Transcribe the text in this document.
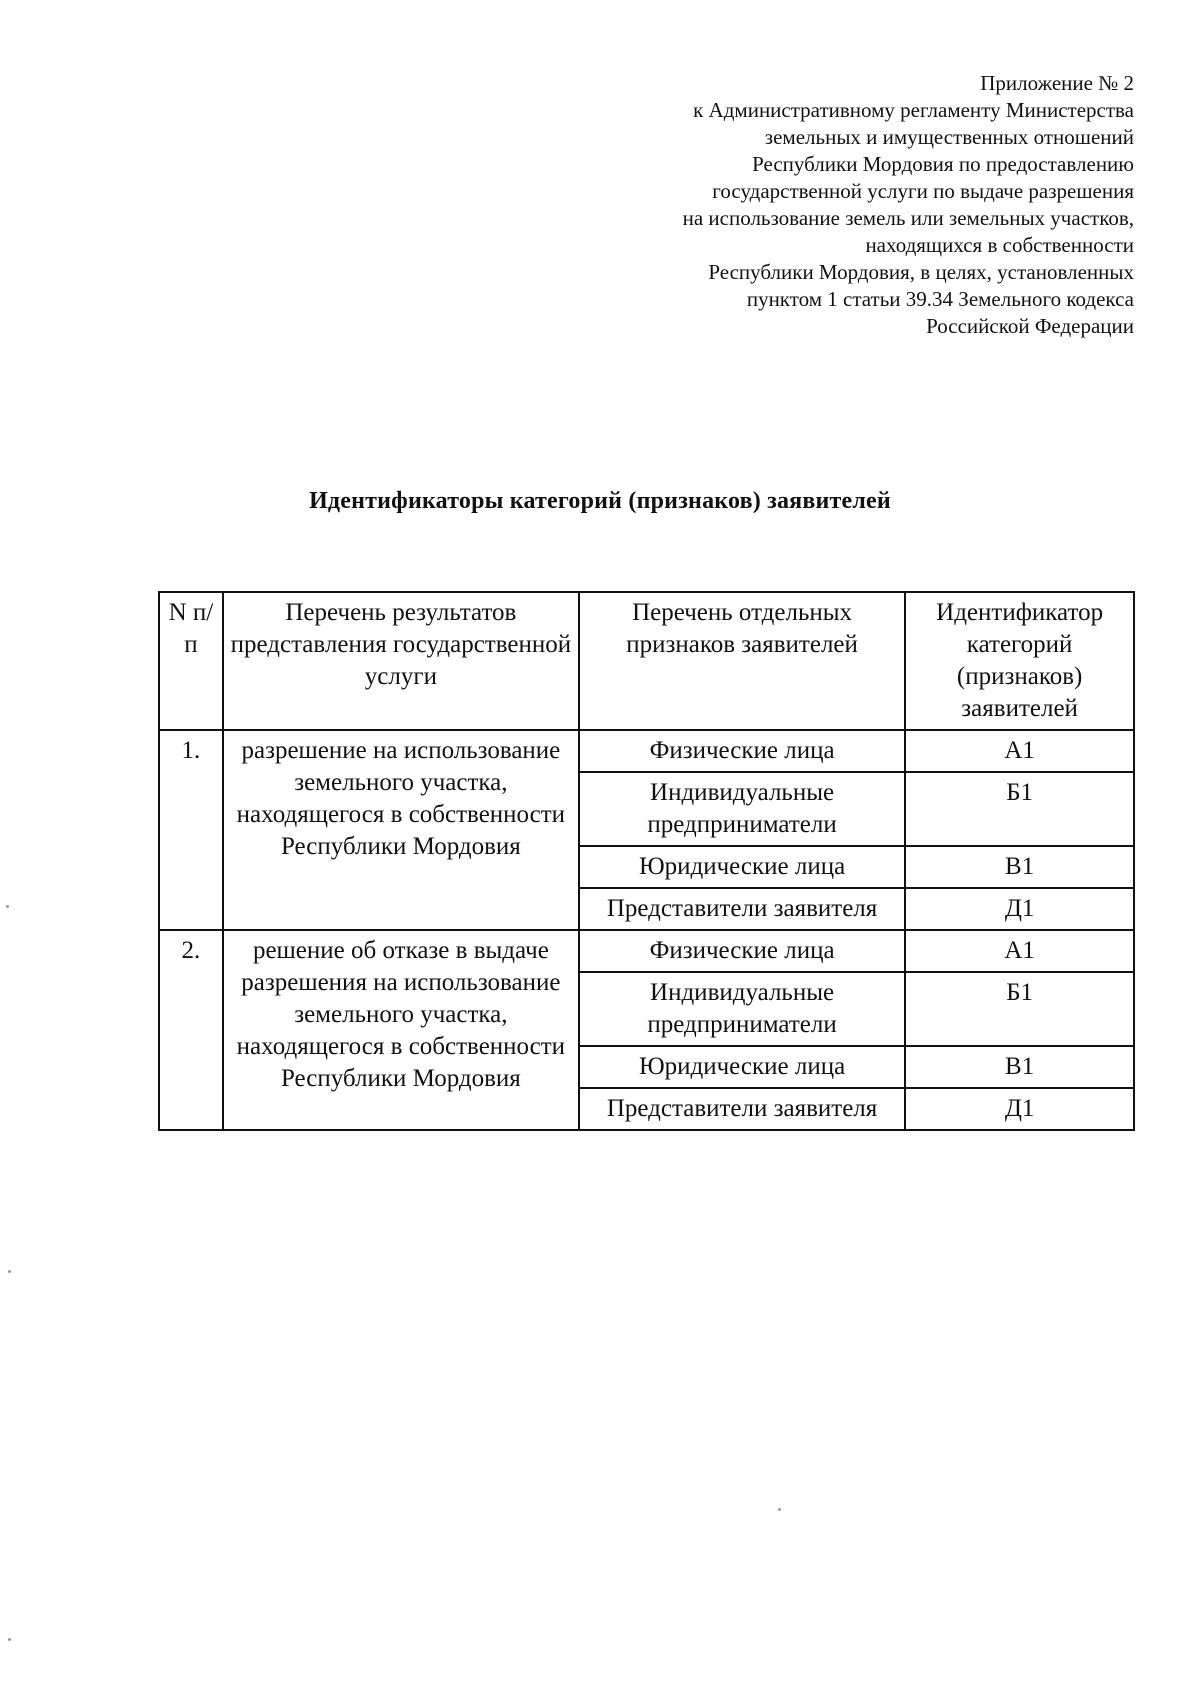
Приложение № 2
к Административному регламенту Министерства
земельных и имущественных отношений
Республики Мордовия по предоставлению
государственной услуги по выдаче разрешения
на использование земель или земельных участков,
находящихся в собственности
Республики Мордовия, в целях, установленных
пунктом 1 статьи 39.34 Земельного кодекса
Российской Федерации
Идентификаторы категорий (признаков) заявителей
N п/п	Перечень результатов представления государственной услуги	Перечень отдельных признаков заявителей	Идентификатор категорий (признаков) заявителей
1.	разрешение на использование земельного участка, находящегося в собственности Республики Мордовия	Физические лица	А1
		Индивидуальные предприниматели	Б1
		Юридические лица	В1
		Представители заявителя	Д1
2.	решение об отказе в выдаче разрешения на использование земельного участка, находящегося в собственности Республики Мордовия	Физические лица	А1
		Индивидуальные предприниматели	Б1
		Юридические лица	В1
		Представители заявителя	Д1
